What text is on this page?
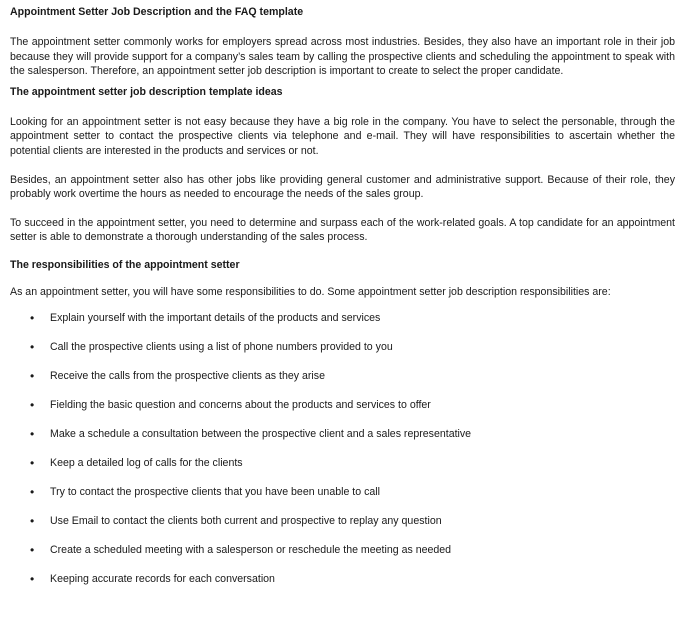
Appointment Setter Job Description and the FAQ template

The appointment setter commonly works for employers spread across most industries. Besides, they also have an important role in their job because they will provide support for a company’s sales team by calling the prospective clients and scheduling the appointment to speak with the salesperson. Therefore, an appointment setter job description is important to create to select the proper candidate.

The appointment setter job description template ideas

Looking for an appointment setter is not easy because they have a big role in the company. You have to select the personable, through the appointment setter to contact the prospective clients via telephone and e-mail. They will have responsibilities to ascertain whether the potential clients are interested in the products and services or not.

Besides, an appointment setter also has other jobs like providing general customer and administrative support. Because of their role, they probably work overtime the hours as needed to encourage the needs of the sales group.

To succeed in the appointment setter, you need to determine and surpass each of the work-related goals. A top candidate for an appointment setter is able to demonstrate a thorough understanding of the sales process.

The responsibilities of the appointment setter

As an appointment setter, you will have some responsibilities to do. Some appointment setter job description responsibilities are:

• Explain yourself with the important details of the products and services
• Call the prospective clients using a list of phone numbers provided to you
• Receive the calls from the prospective clients as they arise
• Fielding the basic question and concerns about the products and services to offer
• Make a schedule a consultation between the prospective client and a sales representative
• Keep a detailed log of calls for the clients
• Try to contact the prospective clients that you have been unable to call
• Use Email to contact the clients both current and prospective to replay any question
• Create a scheduled meeting with a salesperson or reschedule the meeting as needed
• Keeping accurate records for each conversation
